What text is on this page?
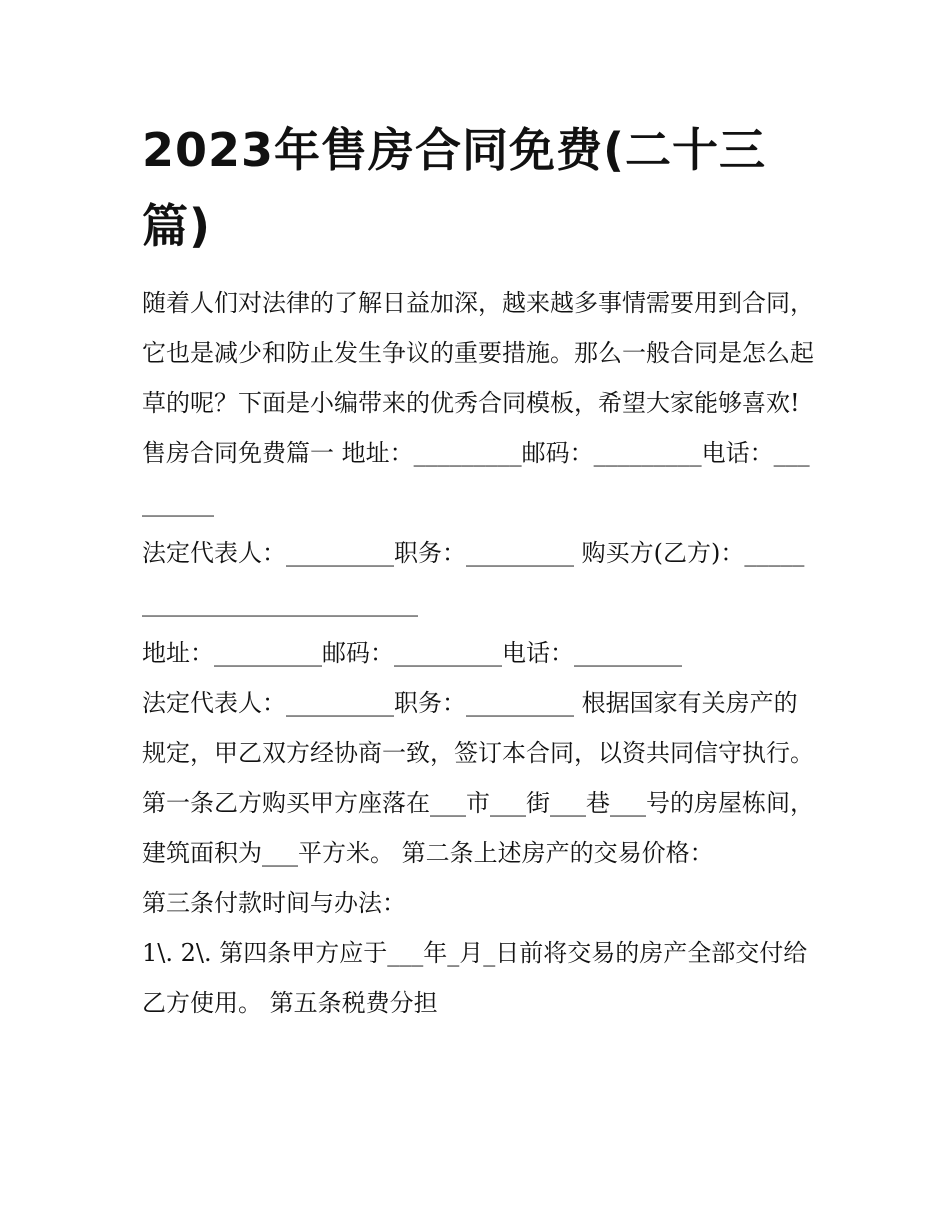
2023年售房合同免费(二十三篇)

随着人们对法律的了解日益加深，越来越多事情需要用到合同，它也是减少和防止发生争议的重要措施。那么一般合同是怎么起草的呢？下面是小编带来的优秀合同模板，希望大家能够喜欢!

售房合同免费篇一 地址：_________邮码：_________电话：_________

法定代表人：_________职务：_________ 购买方(乙方)：____________________________

地址：_________邮码：_________电话：_________

法定代表人：_________职务：_________ 根据国家有关房产的规定，甲乙双方经协商一致，签订本合同，以资共同信守执行。

第一条乙方购买甲方座落在___市___街___巷___号的房屋栋间，建筑面积为___平方米。 第二条上述房产的交易价格：

第三条付款时间与办法：

1\. 2\. 第四条甲方应于___年_月_日前将交易的房产全部交付给乙方使用。 第五条税费分担
